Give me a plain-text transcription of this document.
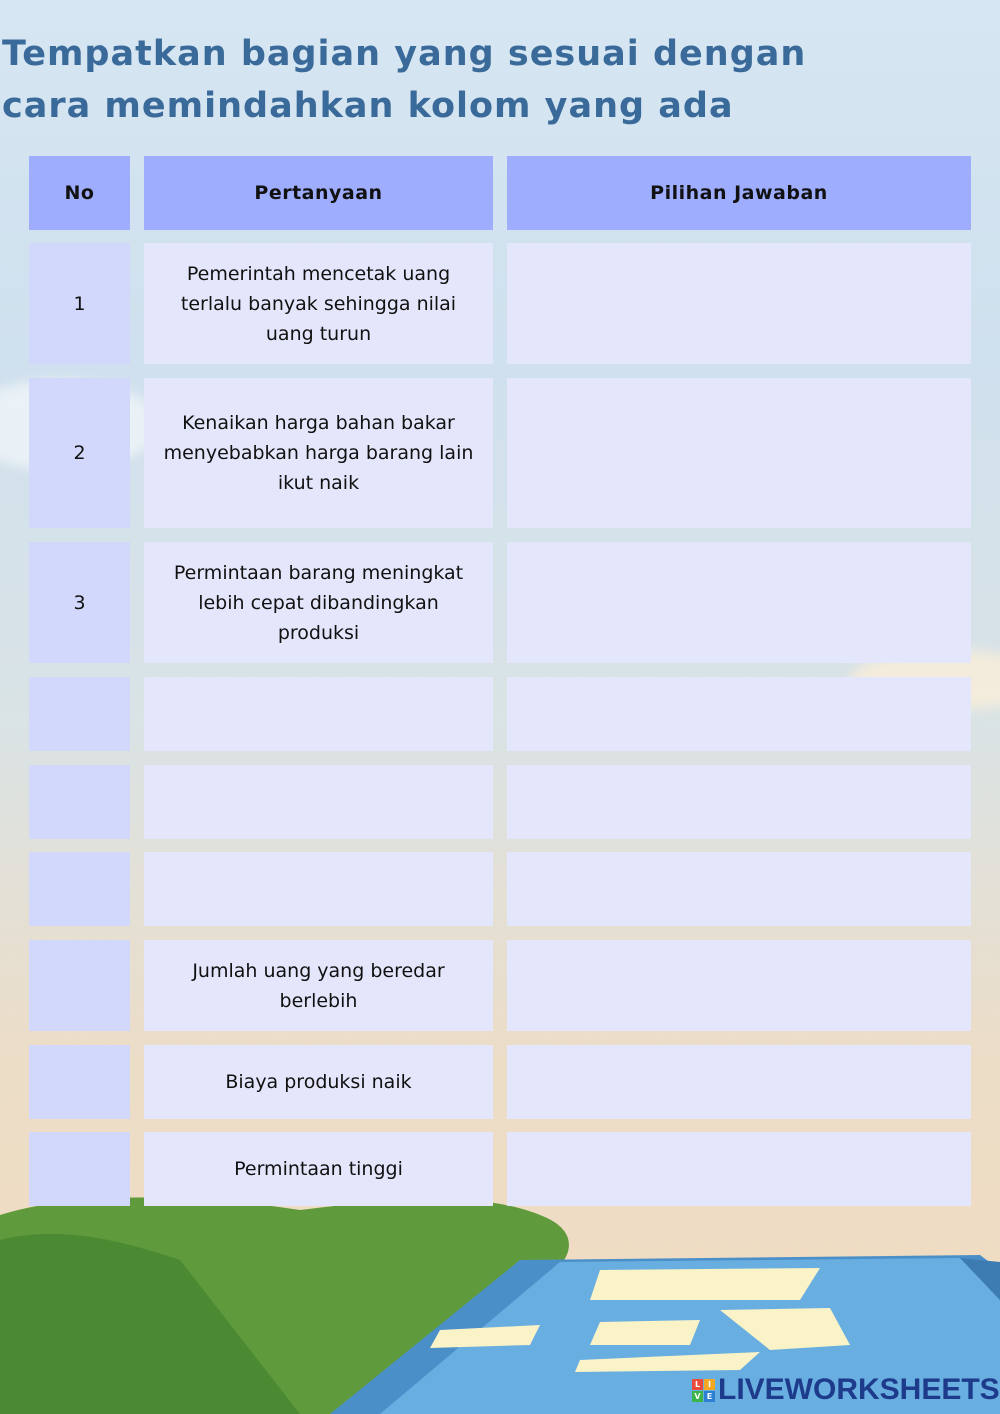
Tempatkan bagian yang sesuai dengan cara memindahkan kolom yang ada
No	Pertanyaan	Pilihan Jawaban
1
Pemerintah mencetak uang terlalu banyak sehingga nilai uang turun
2
Kenaikan harga bahan bakar menyebabkan harga barang lain ikut naik
3
Permintaan barang meningkat lebih cepat dibandingkan produksi
Jumlah uang yang beredar berlebih
Biaya produksi naik
Permintaan tinggi
L I
V E LIVEWORKSHEETS
